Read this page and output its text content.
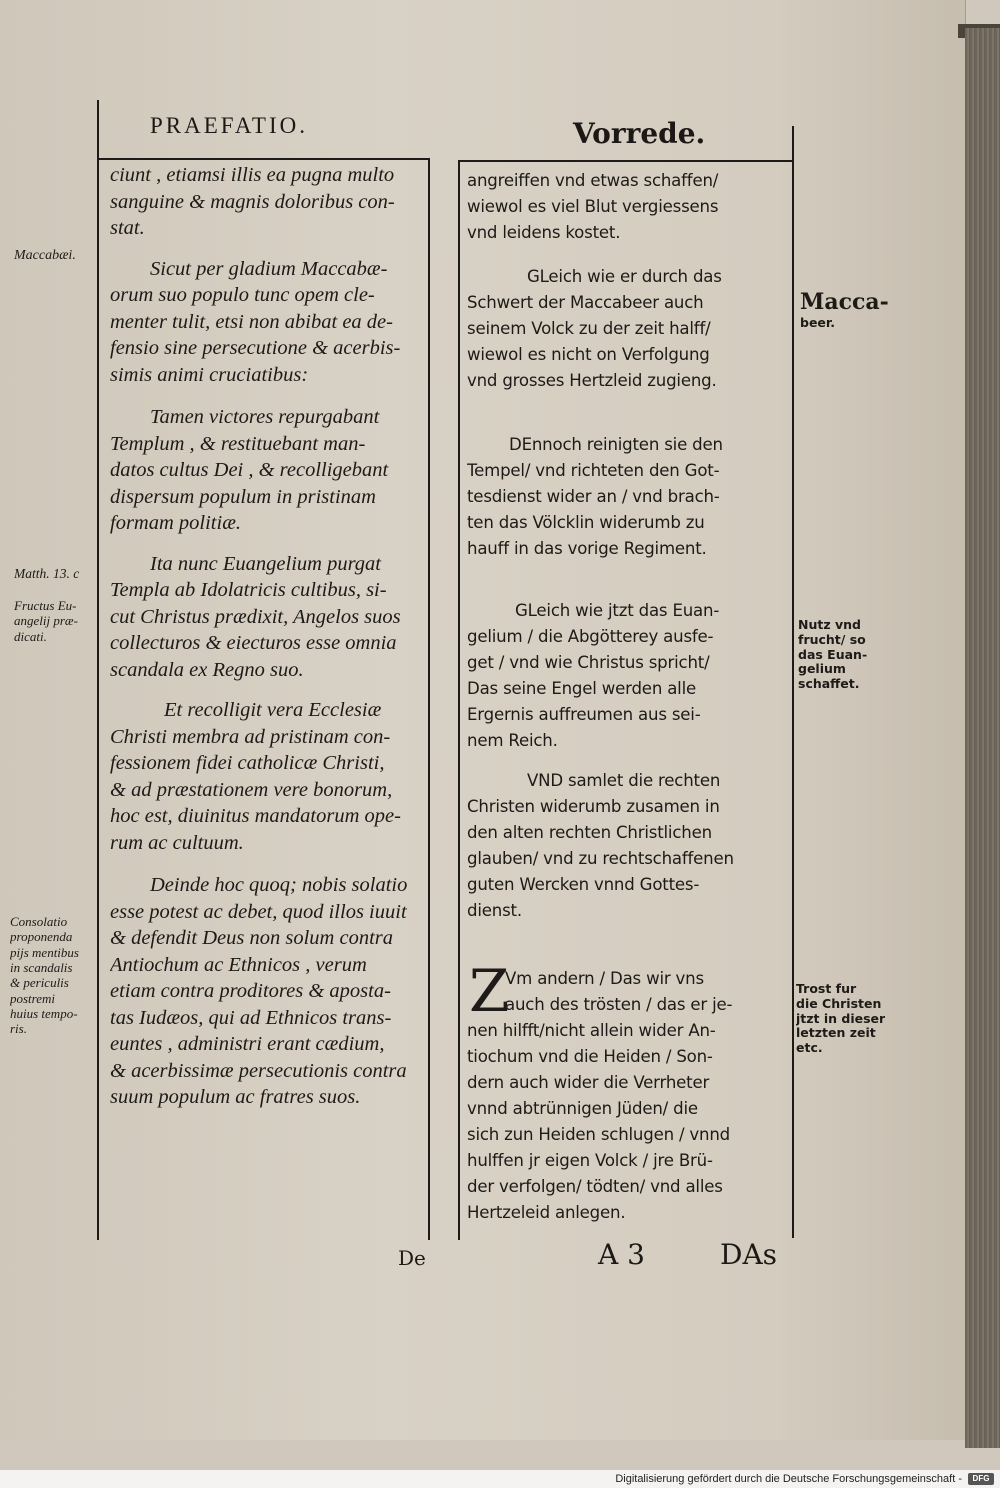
PRAEFATIO.	Vorrede.
ciunt , etiamsi illis ea pugna multo
sanguine & magnis doloribus con-
stat.
Sicut per gladium Maccabæ-
orum suo populo tunc opem cle-
menter tulit, etsi non abibat ea de-
fensio sine persecutione & acerbis-
simis animi cruciatibus:
Tamen victores repurgabant
Templum , & restituebant man-
datos cultus Dei , & recolligebant
dispersum populum in pristinam
formam politiæ.
Ita nunc Euangelium purgat
Templa ab Idolatricis cultibus, si-
cut Christus prædixit, Angelos suos
collecturos & eiecturos esse omnia
scandala ex Regno suo.
Et recolligit vera Ecclesiæ
Christi membra ad pristinam con-
fessionem fidei catholicæ Christi,
& ad præstationem vere bonorum,
hoc est, diuinitus mandatorum ope-
rum ac cultuum.
Deinde hoc quoq; nobis solatio
esse potest ac debet, quod illos iuuit
& defendit Deus non solum contra
Antiochum ac Ethnicos , verum
etiam contra proditores & aposta-
tas Iudæos, qui ad Ethnicos trans-
euntes , administri erant cædium,
& acerbissimæ persecutionis contra
suum populum ac fratres suos.
angreiffen vnd etwas schaffen/
wiewol es viel Blut vergiessens
vnd leidens kostet.
GLeich wie er durch das
Schwert der Maccabeer auch
seinem Volck zu der zeit halff/
wiewol es nicht on Verfolgung
vnd grosses Hertzleid zugieng.
DEnnoch reinigten sie den
Tempel/ vnd richteten den Got-
tesdienst wider an / vnd brach-
ten das Völcklin widerumb zu
hauff in das vorige Regiment.
GLeich wie jtzt das Euan-
gelium / die Abgötterey ausfe-
get / vnd wie Christus spricht/
Das seine Engel werden alle
Ergernis auffreumen aus sei-
nem Reich.
VND samlet die rechten
Christen widerumb zusamen in
den alten rechten Christlichen
glauben/ vnd zu rechtschaffenen
guten Wercken vnnd Gottes-
dienst.
Z
Vm andern / Das wir vns
auch des trösten / das er je-
nen hilfft/nicht allein wider An-
tiochum vnd die Heiden / Son-
dern auch wider die Verrheter
vnnd abtrünnigen Jüden/ die
sich zun Heiden schlugen / vnnd
hulffen jr eigen Volck / jre Brü-
der verfolgen/ tödten/ vnd alles
Hertzeleid anlegen.
Maccabæi.
Matth. 13. c
Fructus Eu-
angelij præ-
dicati.
Consolatio
proponenda
pijs mentibus
in scandalis
& periculis
postremi
huius tempo-
ris.
Macca-
beer.
Nutz vnd
frucht/ so
das Euan-
gelium
schaffet.
Trost fur
die Christen
jtzt in dieser
letzten zeit
etc.
De	A 3	DAs
Digitalisierung gefördert durch die Deutsche Forschungsgemeinschaft -	DFG
